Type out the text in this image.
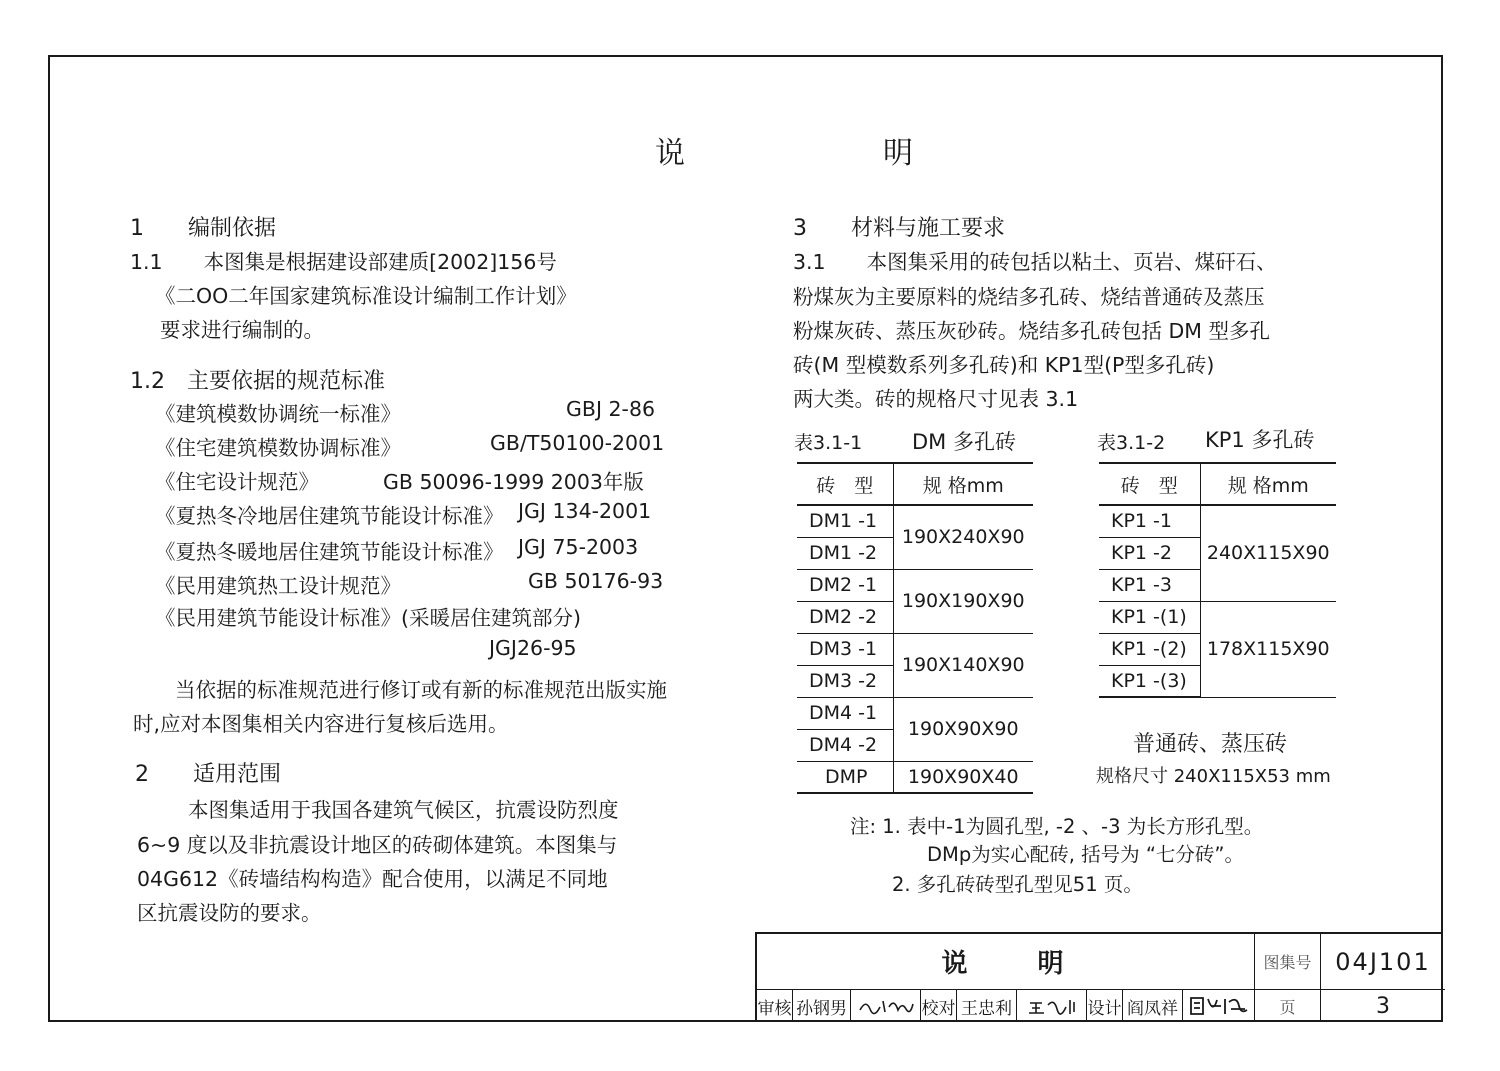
说　　明
1　　编制依据
1.1　　本图集是根据建设部建质[2002]156号
《二OO二年国家建筑标准设计编制工作计划》
要求进行编制的。
1.2　主要依据的规范标准
《建筑模数协调统一标准》	GBJ 2-86
《住宅建筑模数协调标准》	GB/T50100-2001
《住宅设计规范》	GB 50096-1999 2003年版
《夏热冬冷地居住建筑节能设计标准》 JGJ 134-2001
《夏热冬暖地居住建筑节能设计标准》 JGJ 75-2003
《民用建筑热工设计规范》	GB 50176-93
《民用建筑节能设计标准》(采暖居住建筑部分)
JGJ26-95
当依据的标准规范进行修订或有新的标准规范出版实施
时,应对本图集相关内容进行复核后选用。
2　　适用范围
本图集适用于我国各建筑气候区，抗震设防烈度
6~9 度以及非抗震设计地区的砖砌体建筑。本图集与
04G612《砖墙结构构造》配合使用，以满足不同地
区抗震设防的要求。
3　　材料与施工要求
3.1　　本图集采用的砖包括以粘土、页岩、煤矸石、
粉煤灰为主要原料的烧结多孔砖、烧结普通砖及蒸压
粉煤灰砖、蒸压灰砂砖。烧结多孔砖包括 DM 型多孔
砖(M 型模数系列多孔砖)和 KP1型(P型多孔砖)
两大类。砖的规格尺寸见表 3.1
表3.1-1 DM 多孔砖
砖　型	规 格mm
DM1 -1	190X240X90
DM1 -2	
DM2 -1	190X190X90
DM2 -2	
DM3 -1	190X140X90
DM3 -2	
DM4 -1	190X90X90
DM4 -2	
DMP	190X90X40
表3.1-2 KP1 多孔砖
砖　型	规 格mm
KP1 -1	240X115X90
KP1 -2	
KP1 -3	
KP1 -(1)	178X115X90
KP1 -(2)	
KP1 -(3)	
普通砖、蒸压砖
规格尺寸 240X115X53 mm
注: 1. 表中-1为圆孔型, -2 、-3 为长方形孔型。
DMp为实心配砖, 括号为 “七分砖”。
2. 多孔砖砖型孔型见51 页。
说　　明	图集号 04J101
审核 孙钢男	校对 王忠利	设计 阎凤祥	页	3
